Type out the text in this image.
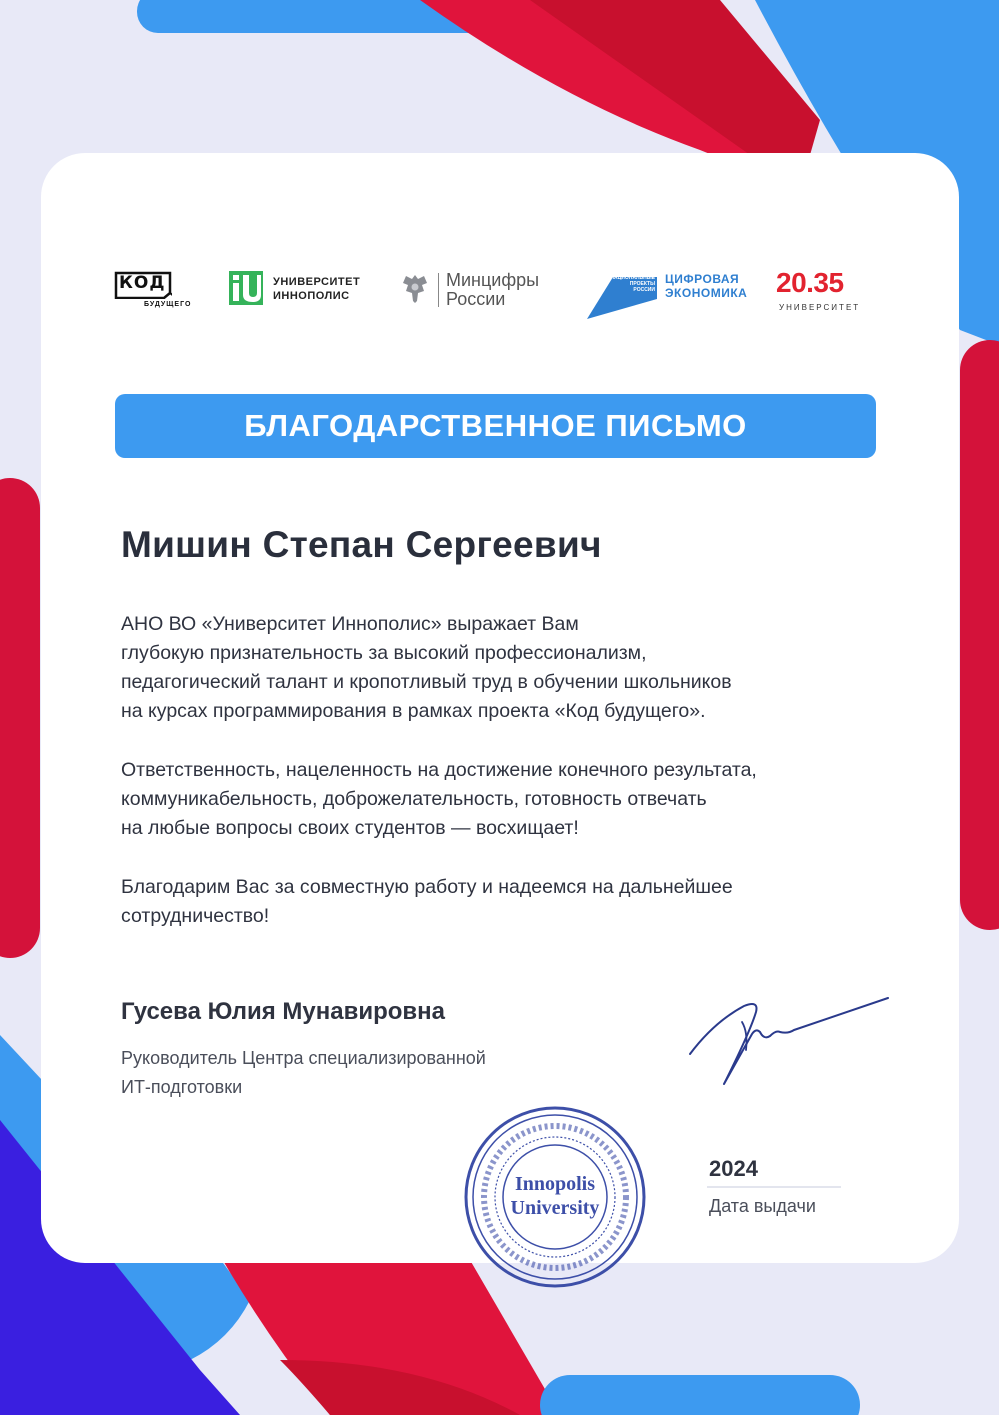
КОД
БУДУЩЕГО
УНИВЕРСИТЕТ
ИННОПОЛИС
Минцифры
России
НАЦИОНАЛЬНЫЕ
ПРОЕКТЫ
РОССИИ
ЦИФРОВАЯ
ЭКОНОМИКА 20.35
УНИВЕРСИТЕТ
БЛАГОДАРСТВЕННОЕ ПИСЬМО
Мишин Степан Сергеевич
АНО ВО «Университет Иннополис» выражает Вам
глубокую признательность за высокий профессионализм,
педагогический талант и кропотливый труд в обучении школьников
на курсах программирования в рамках проекта «Код будущего».
Ответственность, нацеленность на достижение конечного результата,
коммуникабельность, доброжелательность, готовность отвечать
на любые вопросы своих студентов — восхищает!
Благодарим Вас за совместную работу и надеемся на дальнейшее
сотрудничество!
Гусева Юлия Мунавировна
Руководитель Центра специализированной
ИТ-подготовки
Innopolis
University
2024
Дата выдачи
